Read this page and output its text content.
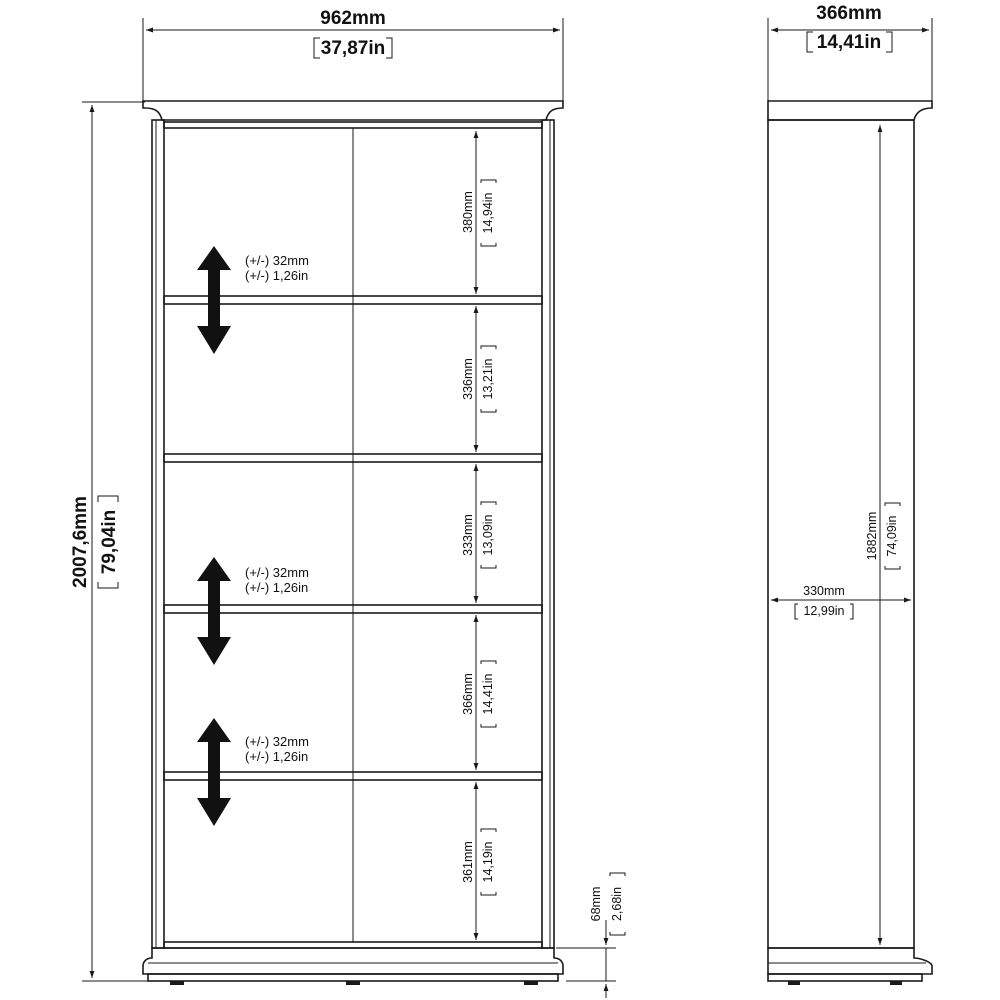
962mm
37,87in
2007,6mm 79,04in
380mm 14,94in
336mm 13,21in
333mm 13,09in
366mm 14,41in
361mm 14,19in
(+/-) 32mm
(+/-) 1,26in
(+/-) 32mm
(+/-) 1,26in
(+/-) 32mm
(+/-) 1,26in
68mm 2,68in
366mm
14,41in
1882mm 74,09in
330mm
12,99in
